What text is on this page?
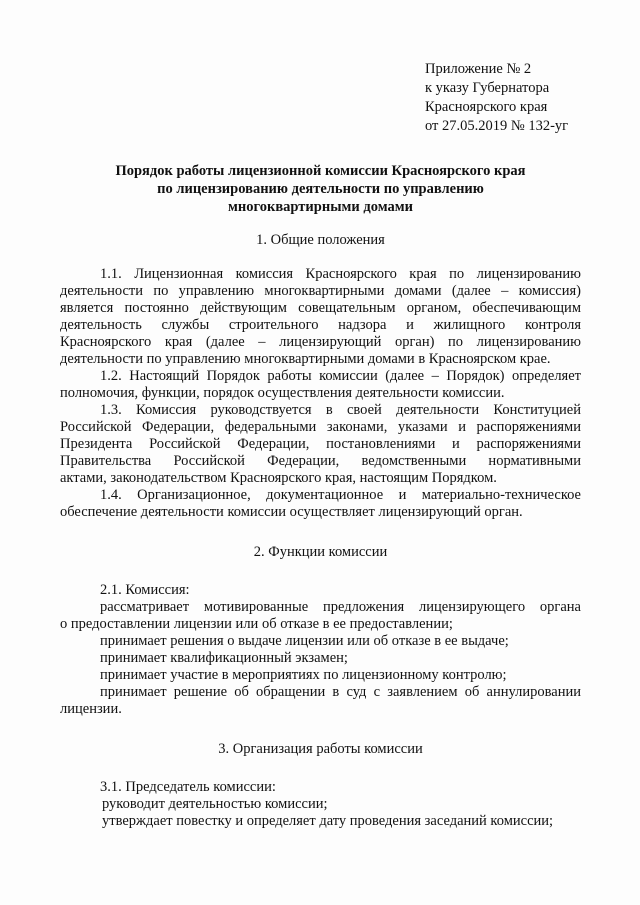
Приложение № 2
к указу Губернатора
Красноярского края
от 27.05.2019 № 132-уг
Порядок работы лицензионной комиссии Красноярского края
по лицензированию деятельности по управлению
многоквартирными домами
1. Общие положения
1.1. Лицензионная комиссия Красноярского края по лицензированию
деятельности по управлению многоквартирными домами (далее – комиссия)
является постоянно действующим совещательным органом, обеспечивающим
деятельность службы строительного надзора и жилищного контроля
Красноярского края (далее – лицензирующий орган) по лицензированию
деятельности по управлению многоквартирными домами в Красноярском крае.
1.2. Настоящий Порядок работы комиссии (далее – Порядок) определяет
полномочия, функции, порядок осуществления деятельности комиссии.
1.3. Комиссия руководствуется в своей деятельности Конституцией
Российской Федерации, федеральными законами, указами и распоряжениями
Президента Российской Федерации, постановлениями и распоряжениями
Правительства Российской Федерации, ведомственными нормативными
актами, законодательством Красноярского края, настоящим Порядком.
1.4. Организационное, документационное и материально-техническое
обеспечение деятельности комиссии осуществляет лицензирующий орган.
2. Функции комиссии
2.1. Комиссия:
рассматривает мотивированные предложения лицензирующего органа
о предоставлении лицензии или об отказе в ее предоставлении;
принимает решения о выдаче лицензии или об отказе в ее выдаче;
принимает квалификационный экзамен;
принимает участие в мероприятиях по лицензионному контролю;
принимает решение об обращении в суд с заявлением об аннулировании
лицензии.
3. Организация работы комиссии
3.1. Председатель комиссии:
руководит деятельностью комиссии;
утверждает повестку и определяет дату проведения заседаний комиссии;
